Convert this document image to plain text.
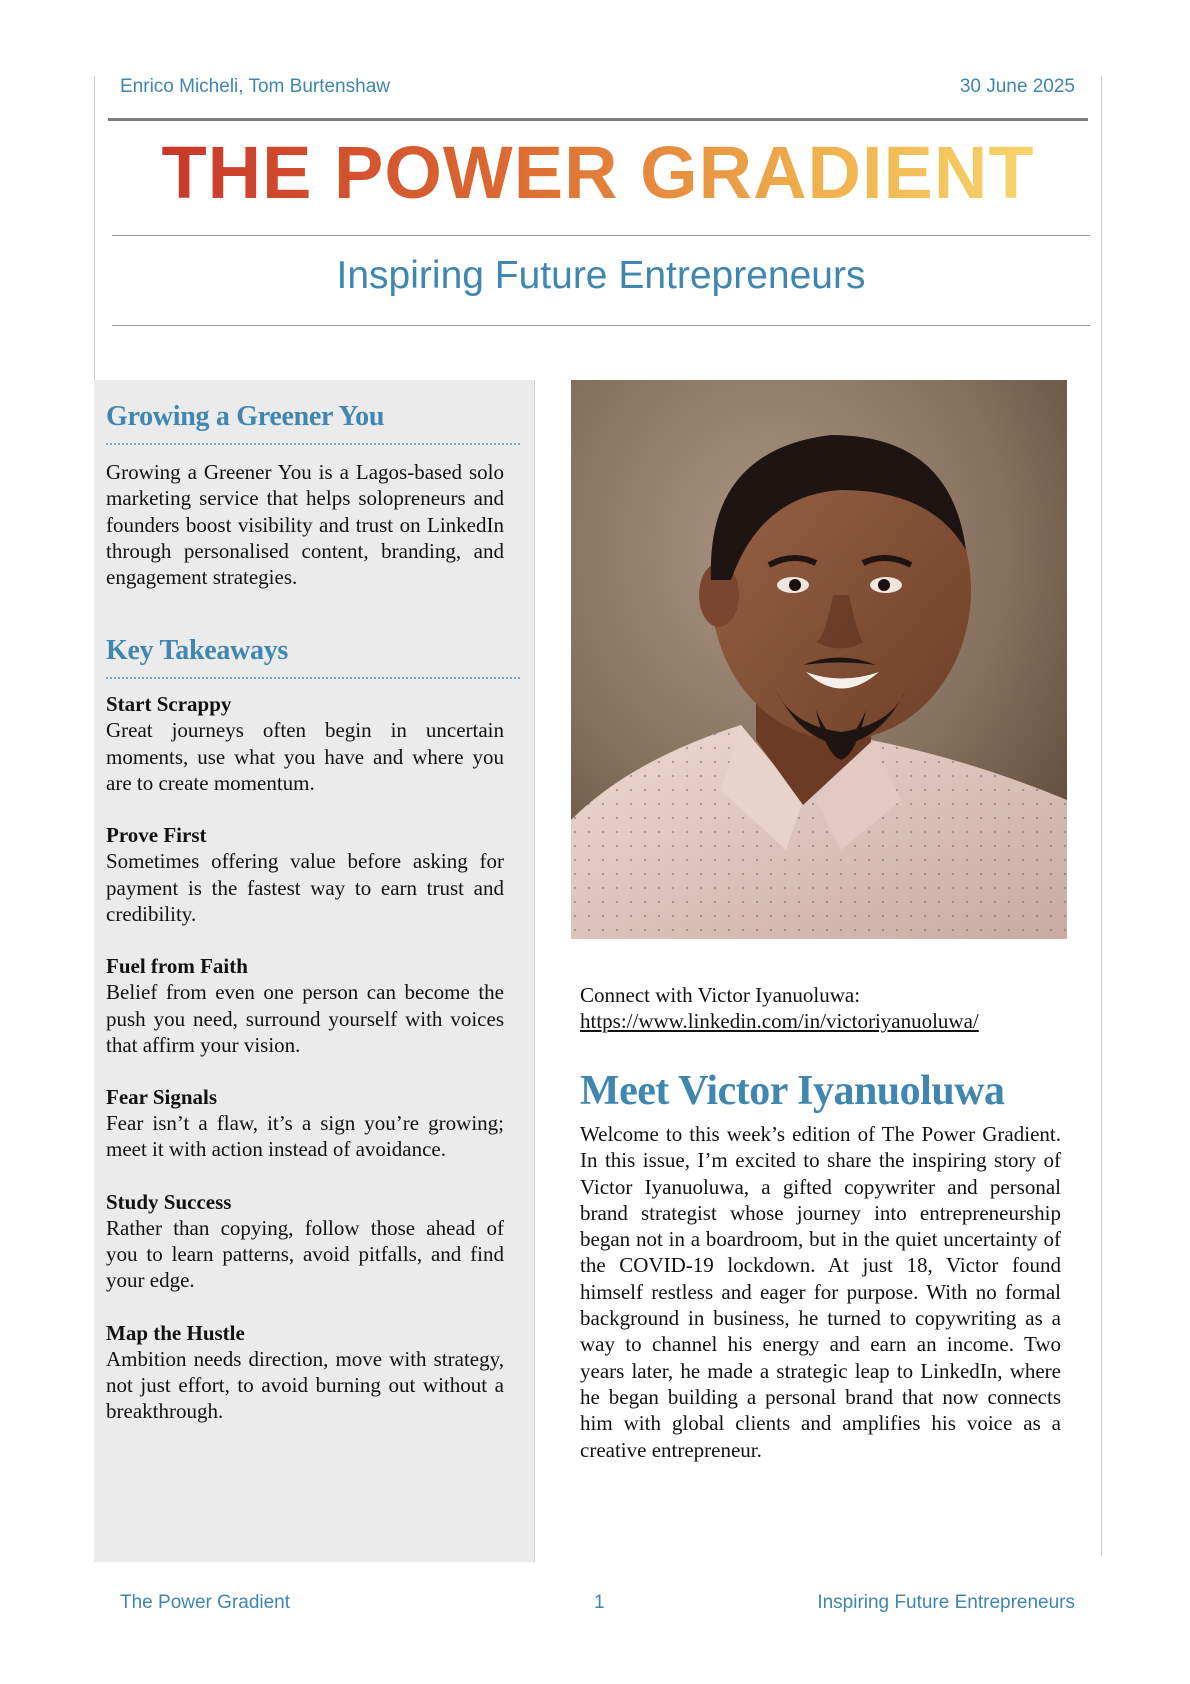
Enrico Micheli, Tom Burtenshaw	30 June 2025
THE POWER GRADIENT
Inspiring Future Entrepreneurs
Growing a Greener You

Growing a Greener You is a Lagos-based solo marketing service that helps solopreneurs and founders boost visibility and trust on LinkedIn through personalised content, branding, and engagement strategies.

Key Takeaways
Start Scrappy
Great journeys often begin in uncertain moments, use what you have and where you are to create momentum.
Prove First
Sometimes offering value before asking for payment is the fastest way to earn trust and credibility.
Fuel from Faith
Belief from even one person can become the push you need, surround yourself with voices that affirm your vision.
Fear Signals
Fear isn’t a flaw, it’s a sign you’re growing; meet it with action instead of avoidance.
Study Success
Rather than copying, follow those ahead of you to learn patterns, avoid pitfalls, and find your edge.
Map the Hustle
Ambition needs direction, move with strategy, not just effort, to avoid burning out without a breakthrough.
Connect with Victor Iyanuoluwa:
https://www.linkedin.com/in/victoriyanuoluwa/
Meet Victor Iyanuoluwa

Welcome to this week’s edition of The Power Gradient. In this issue, I’m excited to share the inspiring story of Victor Iyanuoluwa, a gifted copywriter and personal brand strategist whose journey into entrepreneurship began not in a boardroom, but in the quiet uncertainty of the COVID-19 lockdown. At just 18, Victor found himself restless and eager for purpose. With no formal background in business, he turned to copywriting as a way to channel his energy and earn an income. Two years later, he made a strategic leap to LinkedIn, where he began building a personal brand that now connects him with global clients and amplifies his voice as a creative entrepreneur.

The Power Gradient	1	Inspiring Future Entrepreneurs
